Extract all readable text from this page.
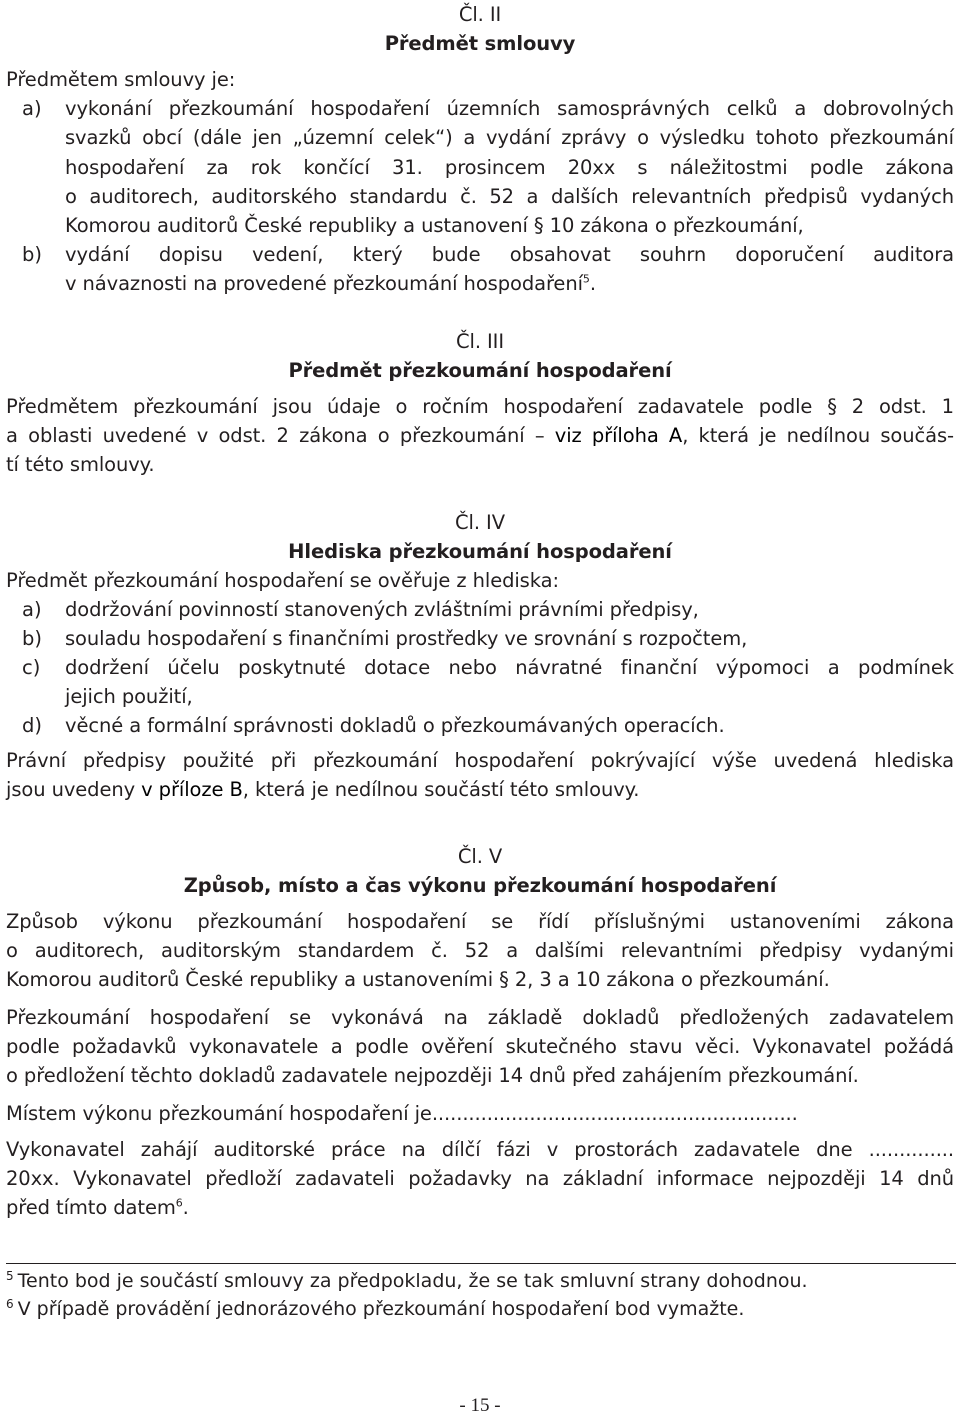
Čl. II
Předmět smlouvy
Předmětem smlouvy je:
a) vykonání přezkoumání hospodaření územních samosprávných celků a dobrovolných
svazků obcí (dále jen „územní celek“) a vydání zprávy o výsledku tohoto přezkoumání
hospodaření za rok končící 31. prosincem 20xx s náležitostmi podle zákona
o auditorech, auditorského standardu č. 52 a dalších relevantních předpisů vydaných
Komorou auditorů České republiky a ustanovení § 10 zákona o přezkoumání,
b) vydání dopisu vedení, který bude obsahovat souhrn doporučení auditora
v návaznosti na provedené přezkoumání hospodaření$^5$.
Čl. III
Předmět přezkoumání hospodaření
Předmětem přezkoumání jsou údaje o ročním hospodaření zadavatele podle § 2 odst. 1
a oblasti uvedené v odst. 2 zákona o přezkoumání – viz příloha A, která je nedílnou součás-
tí této smlouvy.
Čl. IV
Hlediska přezkoumání hospodaření
Předmět přezkoumání hospodaření se ověřuje z hlediska:
a) dodržování povinností stanovených zvláštními právními předpisy,
b) souladu hospodaření s finančními prostředky ve srovnání s rozpočtem,
c) dodržení účelu poskytnuté dotace nebo návratné finanční výpomoci a podmínek
jejich použití,
d) věcné a formální správnosti dokladů o přezkoumávaných operacích.
Právní předpisy použité při přezkoumání hospodaření pokrývající výše uvedená hlediska
jsou uvedeny v příloze B, která je nedílnou součástí této smlouvy.
Čl. V
Způsob, místo a čas výkonu přezkoumání hospodaření
Způsob výkonu přezkoumání hospodaření se řídí příslušnými ustanoveními zákona
o auditorech, auditorským standardem č. 52 a dalšími relevantními předpisy vydanými
Komorou auditorů České republiky a ustanoveními § 2, 3 a 10 zákona o přezkoumání.
Přezkoumání hospodaření se vykonává na základě dokladů předložených zadavatelem
podle požadavků vykonavatele a podle ověření skutečného stavu věci. Vykonavatel požádá
o předložení těchto dokladů zadavatele nejpozději 14 dnů před zahájením přezkoumání.
Místem výkonu přezkoumání hospodaření je............................................................
Vykonavatel zahájí auditorské práce na dílčí fázi v prostorách zadavatele dne ..............
20xx. Vykonavatel předloží zadavateli požadavky na základní informace nejpozději 14 dnů
před tímto datem$^6$.
$^5$ Tento bod je součástí smlouvy za předpokladu, že se tak smluvní strany dohodnou.
$^6$ V případě provádění jednorázového přezkoumání hospodaření bod vymažte.
- 15 -
